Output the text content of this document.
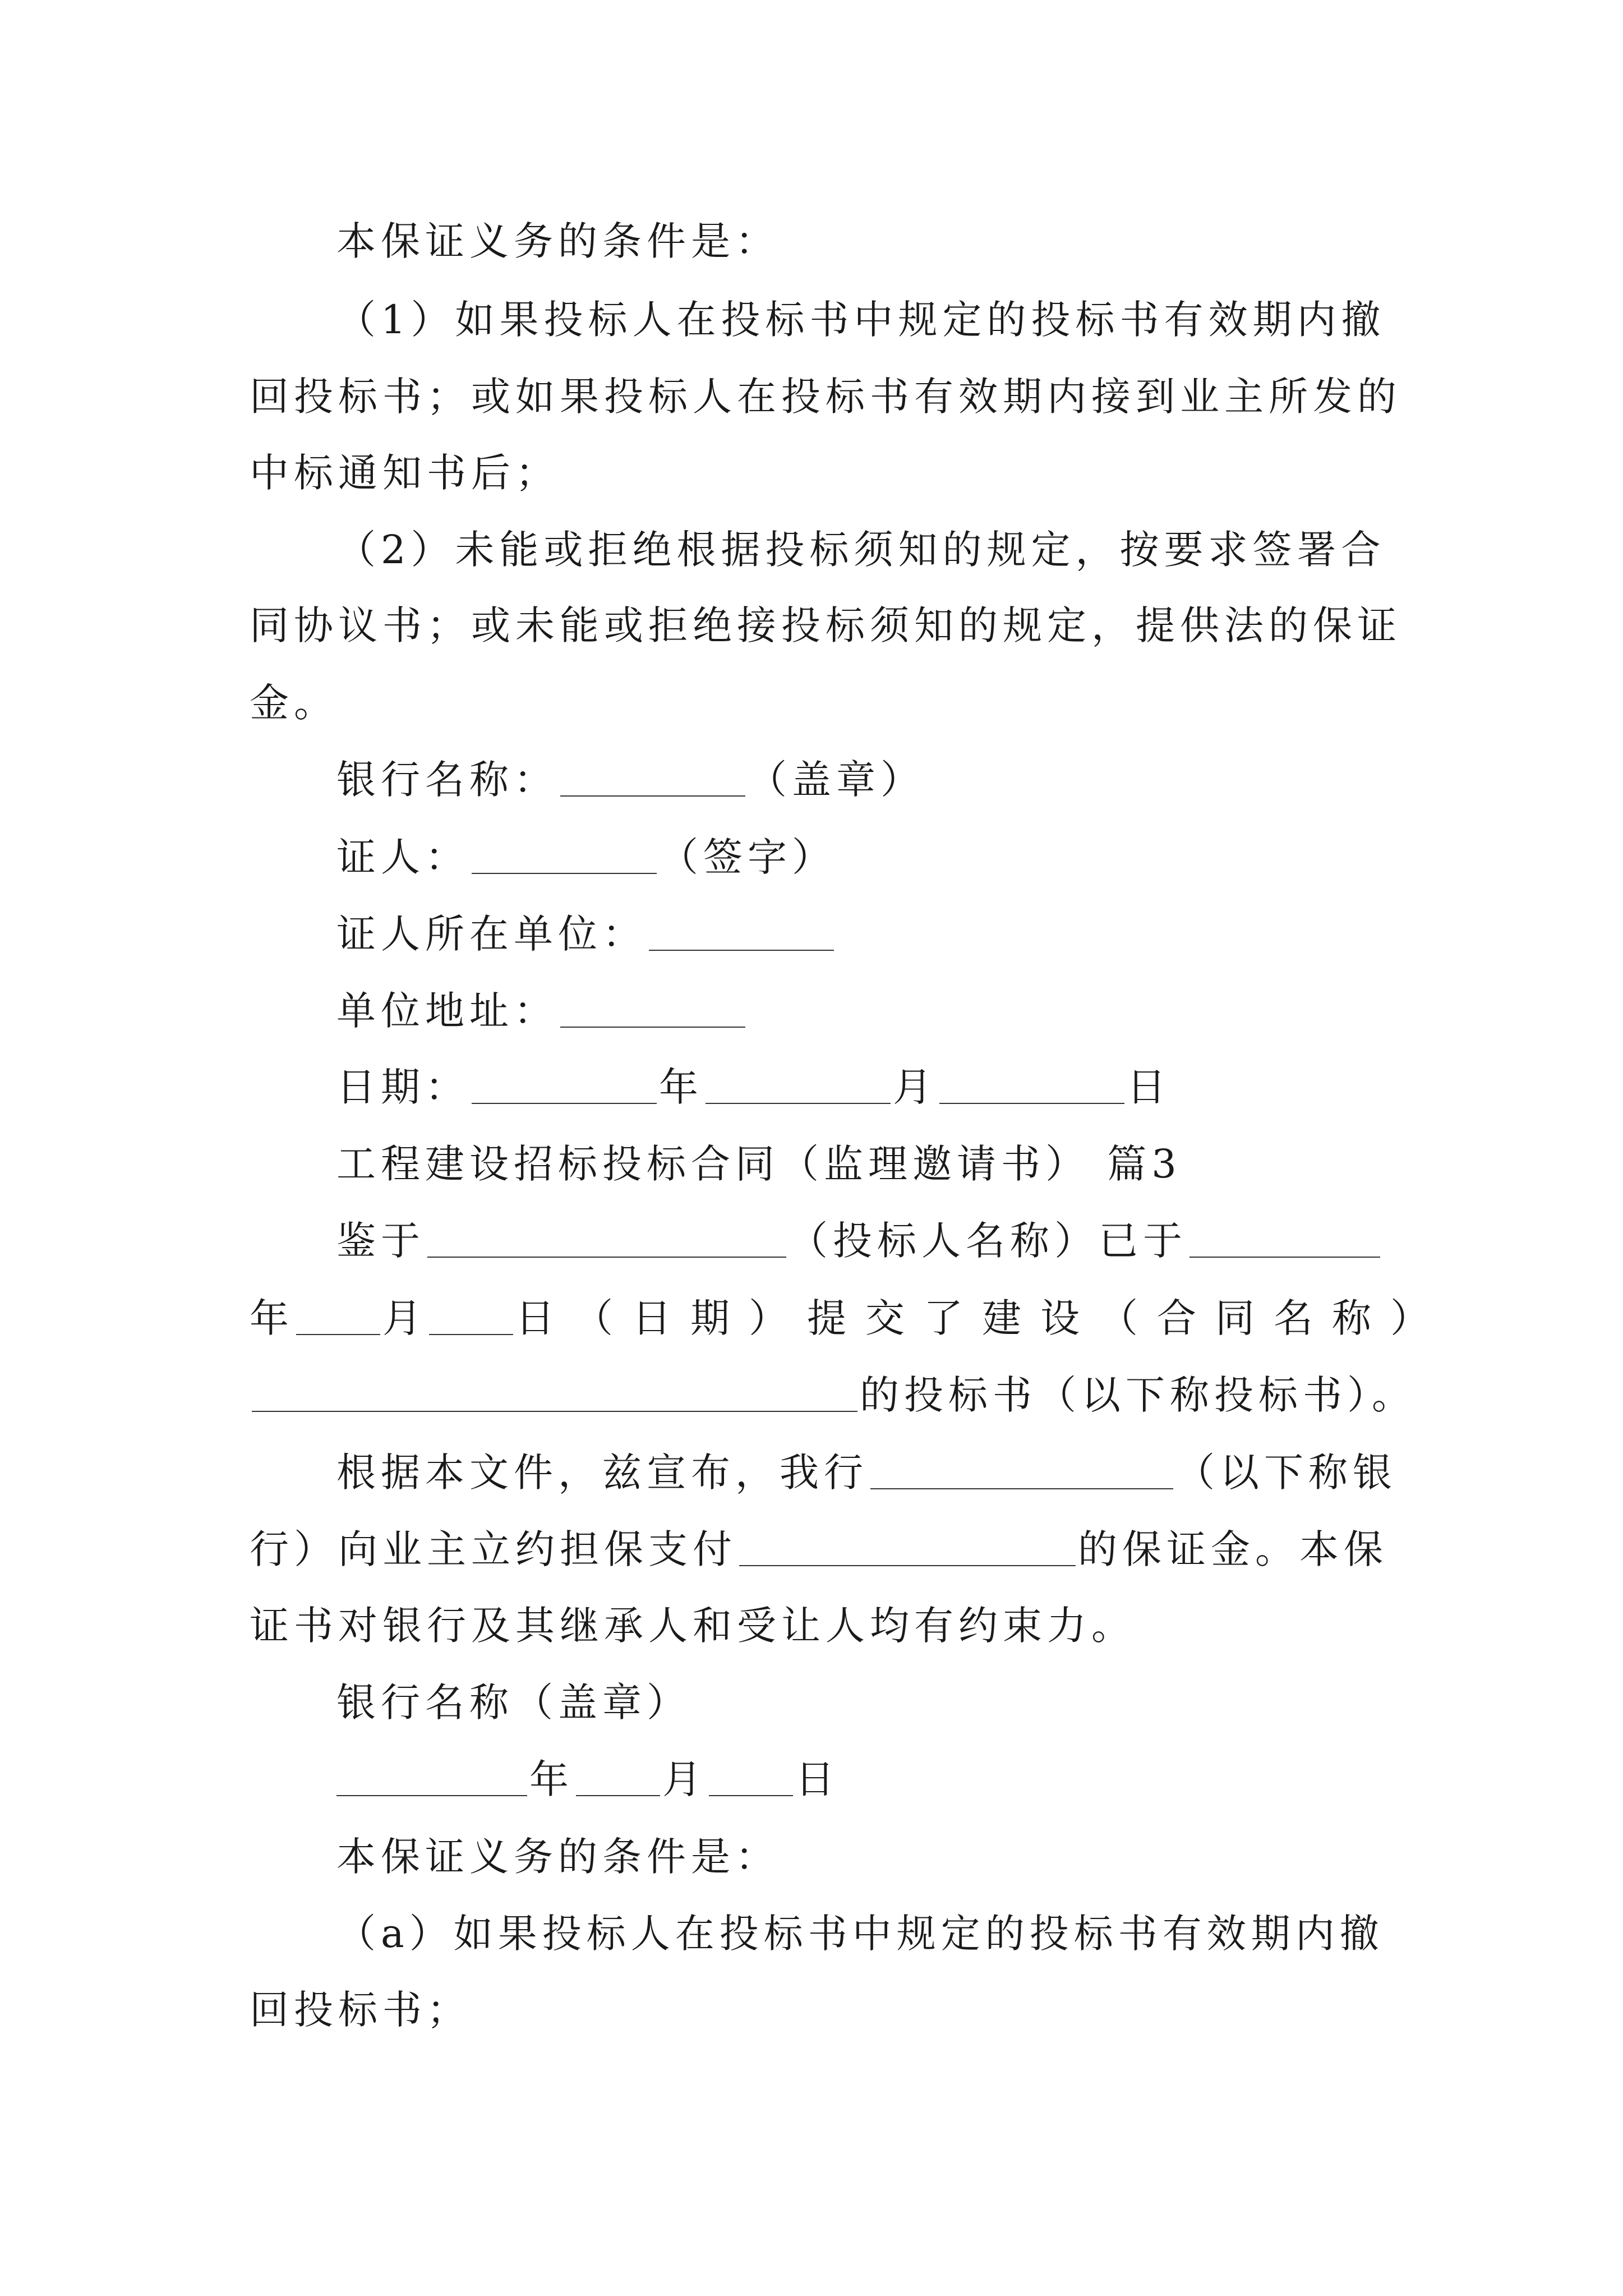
本保证义务的条件是：
（1）如果投标人在投标书中规定的投标书有效期内撤
回投标书；或如果投标人在投标书有效期内接到业主所发的
中标通知书后；
（2）未能或拒绝根据投标须知的规定，按要求签署合
同协议书；或未能或拒绝接投标须知的规定，提供法的保证
金。
银行名称：	（盖章）
证人：	（签字）
证人所在单位：
单位地址：
日期：	年	月	日
工程建设招标投标合同（监理邀请书） 篇3
鉴于	（投标人名称）已于
年 月 日（日期）提交了建设（合同名称）
的投标书（以下称投标书）。
根据本文件，兹宣布，我行	（以下称银
行）向业主立约担保支付	的保证金。本保
证书对银行及其继承人和受让人均有约束力。
银行名称（盖章）
年 月 日
本保证义务的条件是：
（a）如果投标人在投标书中规定的投标书有效期内撤
回投标书；
